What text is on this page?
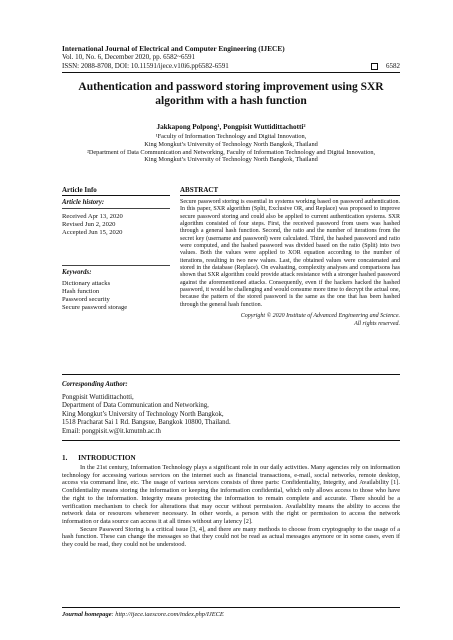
International Journal of Electrical and Computer Engineering (IJECE)
Vol. 10, No. 6, December 2020, pp. 6582~6591
ISSN: 2088-8708, DOI: 10.11591/ijece.v10i6.pp6582-6591	6582
Authentication and password storing improvement using SXR algorithm with a hash function
Jakkapong Polpong¹, Pongpisit Wuttidittachotti²
¹Faculty of Information Technology and Digital Innovation,
King Mongkut’s University of Technology North Bangkok, Thailand
²Department of Data Communication and Networking, Faculty of Information Technology and Digital Innovation,
King Mongkut’s University of Technology North Bangkok, Thailand
Article Info
Article history:
Received Apr 13, 2020
Revised Jun 2, 2020
Accepted Jun 15, 2020
Keywords:
Dictionary attacks
Hash function
Password security
Secure password storage
ABSTRACT
Secure password storing is essential in systems working based on password authentication. In this paper, SXR algorithm (Split, Exclusive OR, and Replace) was proposed to improve secure password storing and could also be applied to current authentication systems. SXR algorithm consisted of four steps. First, the received password from users was hashed through a general hash function. Second, the ratio and the number of iterations from the secret key (username and password) were calculated. Third, the hashed password and ratio were computed, and the hashed password was divided based on the ratio (Split) into two values. Both the values were applied to XOR equation according to the number of iterations, resulting in two new values. Last, the obtained values were concatenated and stored in the database (Replace). On evaluating, complexity analyses and comparisons has shown that SXR algorithm could provide attack resistance with a stronger hashed password against the aforementioned attacks. Consequently, even if the hackers hacked the hashed password, it would be challenging and would consume more time to decrypt the actual one, because the pattern of the stored password is the same as the one that has been hashed through the general hash function.
Copyright © 2020 Institute of Advanced Engineering and Science.
All rights reserved.
Corresponding Author:
Pongpisit Wuttidittachotti,
Department of Data Communication and Networking,
King Mongkut’s University of Technology North Bangkok,
1518 Pracharat Sai 1 Rd. Bangsue, Bangkok 10800, Thailand.
Email: pongpisit.w@it.kmutnb.ac.th
1.      INTRODUCTION

In the 21st century, Information Technology plays a significant role in our daily activities. Many agencies rely on information technology for accessing various services on the internet such as financial transactions, e-mail, social networks, remote desktop, access via command line, etc. The usage of various services consists of three parts: Confidentiality, Integrity, and Availability [1]. Confidentiality means storing the information or keeping the information confidential, which only allows access to those who have the right to the information. Integrity means protecting the information to remain complete and accurate. There should be a verification mechanism to check for alterations that may occur without permission. Availability means the ability to access the network data or resources whenever necessary. In other words, a person with the right or permission to access the network information or data source can access it at all times without any latency [2].

Secure Password Storing is a critical issue [3, 4], and there are many methods to choose from cryptography to the usage of a hash function. These can change the messages so that they could not be read as actual messages anymore or in some cases, even if they could be read, they could not be understood.

Journal homepage: http://ijece.iaescore.com/index.php/IJECE
